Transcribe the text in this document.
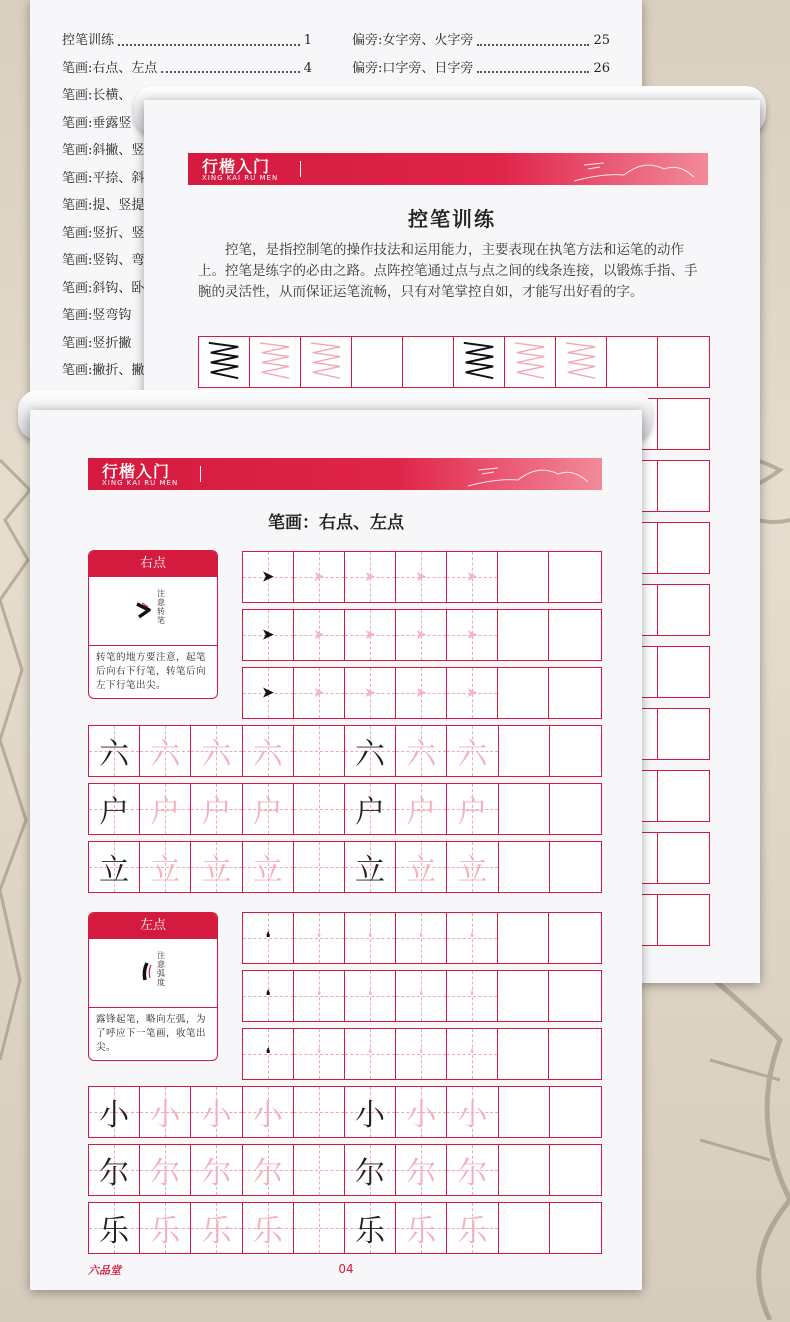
控笔训练	1
笔画:右点、左点	4
笔画:长横、
笔画:垂露竖
笔画:斜撇、竖
笔画:平捺、斜
笔画:提、竖提
笔画:竖折、竖
笔画:竖钩、弯
笔画:斜钩、卧
笔画:竖弯钩
笔画:竖折撇
笔画:撇折、撇
偏旁:女字旁、火字旁	25
偏旁:口字旁、日字旁	26
行楷入门
XING KAI RU MEN
控笔训练
控笔，是指控制笔的操作技法和运用能力，主要表现在执笔方法和运笔的动作上。控笔是练字的必由之路。点阵控笔通过点与点之间的线条连接，以锻炼手指、手腕的灵活性，从而保证运笔流畅，只有对笔掌控自如，才能写出好看的字。
行楷入门
XING KAI RU MEN
笔画：右点、左点
右点
注意转笔
转笔的地方要注意，起笔后向右下行笔，转笔后向左下行笔出尖。
左点
注意弧度
露锋起笔，略向左弧，为了呼应下一笔画，收笔出尖。
➤	➤	➤	➤	➤
➤	➤	➤	➤	➤
➤	➤	➤	➤	➤
六 六 六 六	六 六 六
户 户 户 户	户 户 户
立 立 立 立	立 立 立
❛	❛	❛	❛	❛
❛	❛	❛	❛	❛
❛	❛	❛	❛	❛
小 小 小 小	小 小 小
尔 尔 尔 尔	尔 尔 尔
乐 乐 乐 乐	乐 乐 乐
六品堂	04
